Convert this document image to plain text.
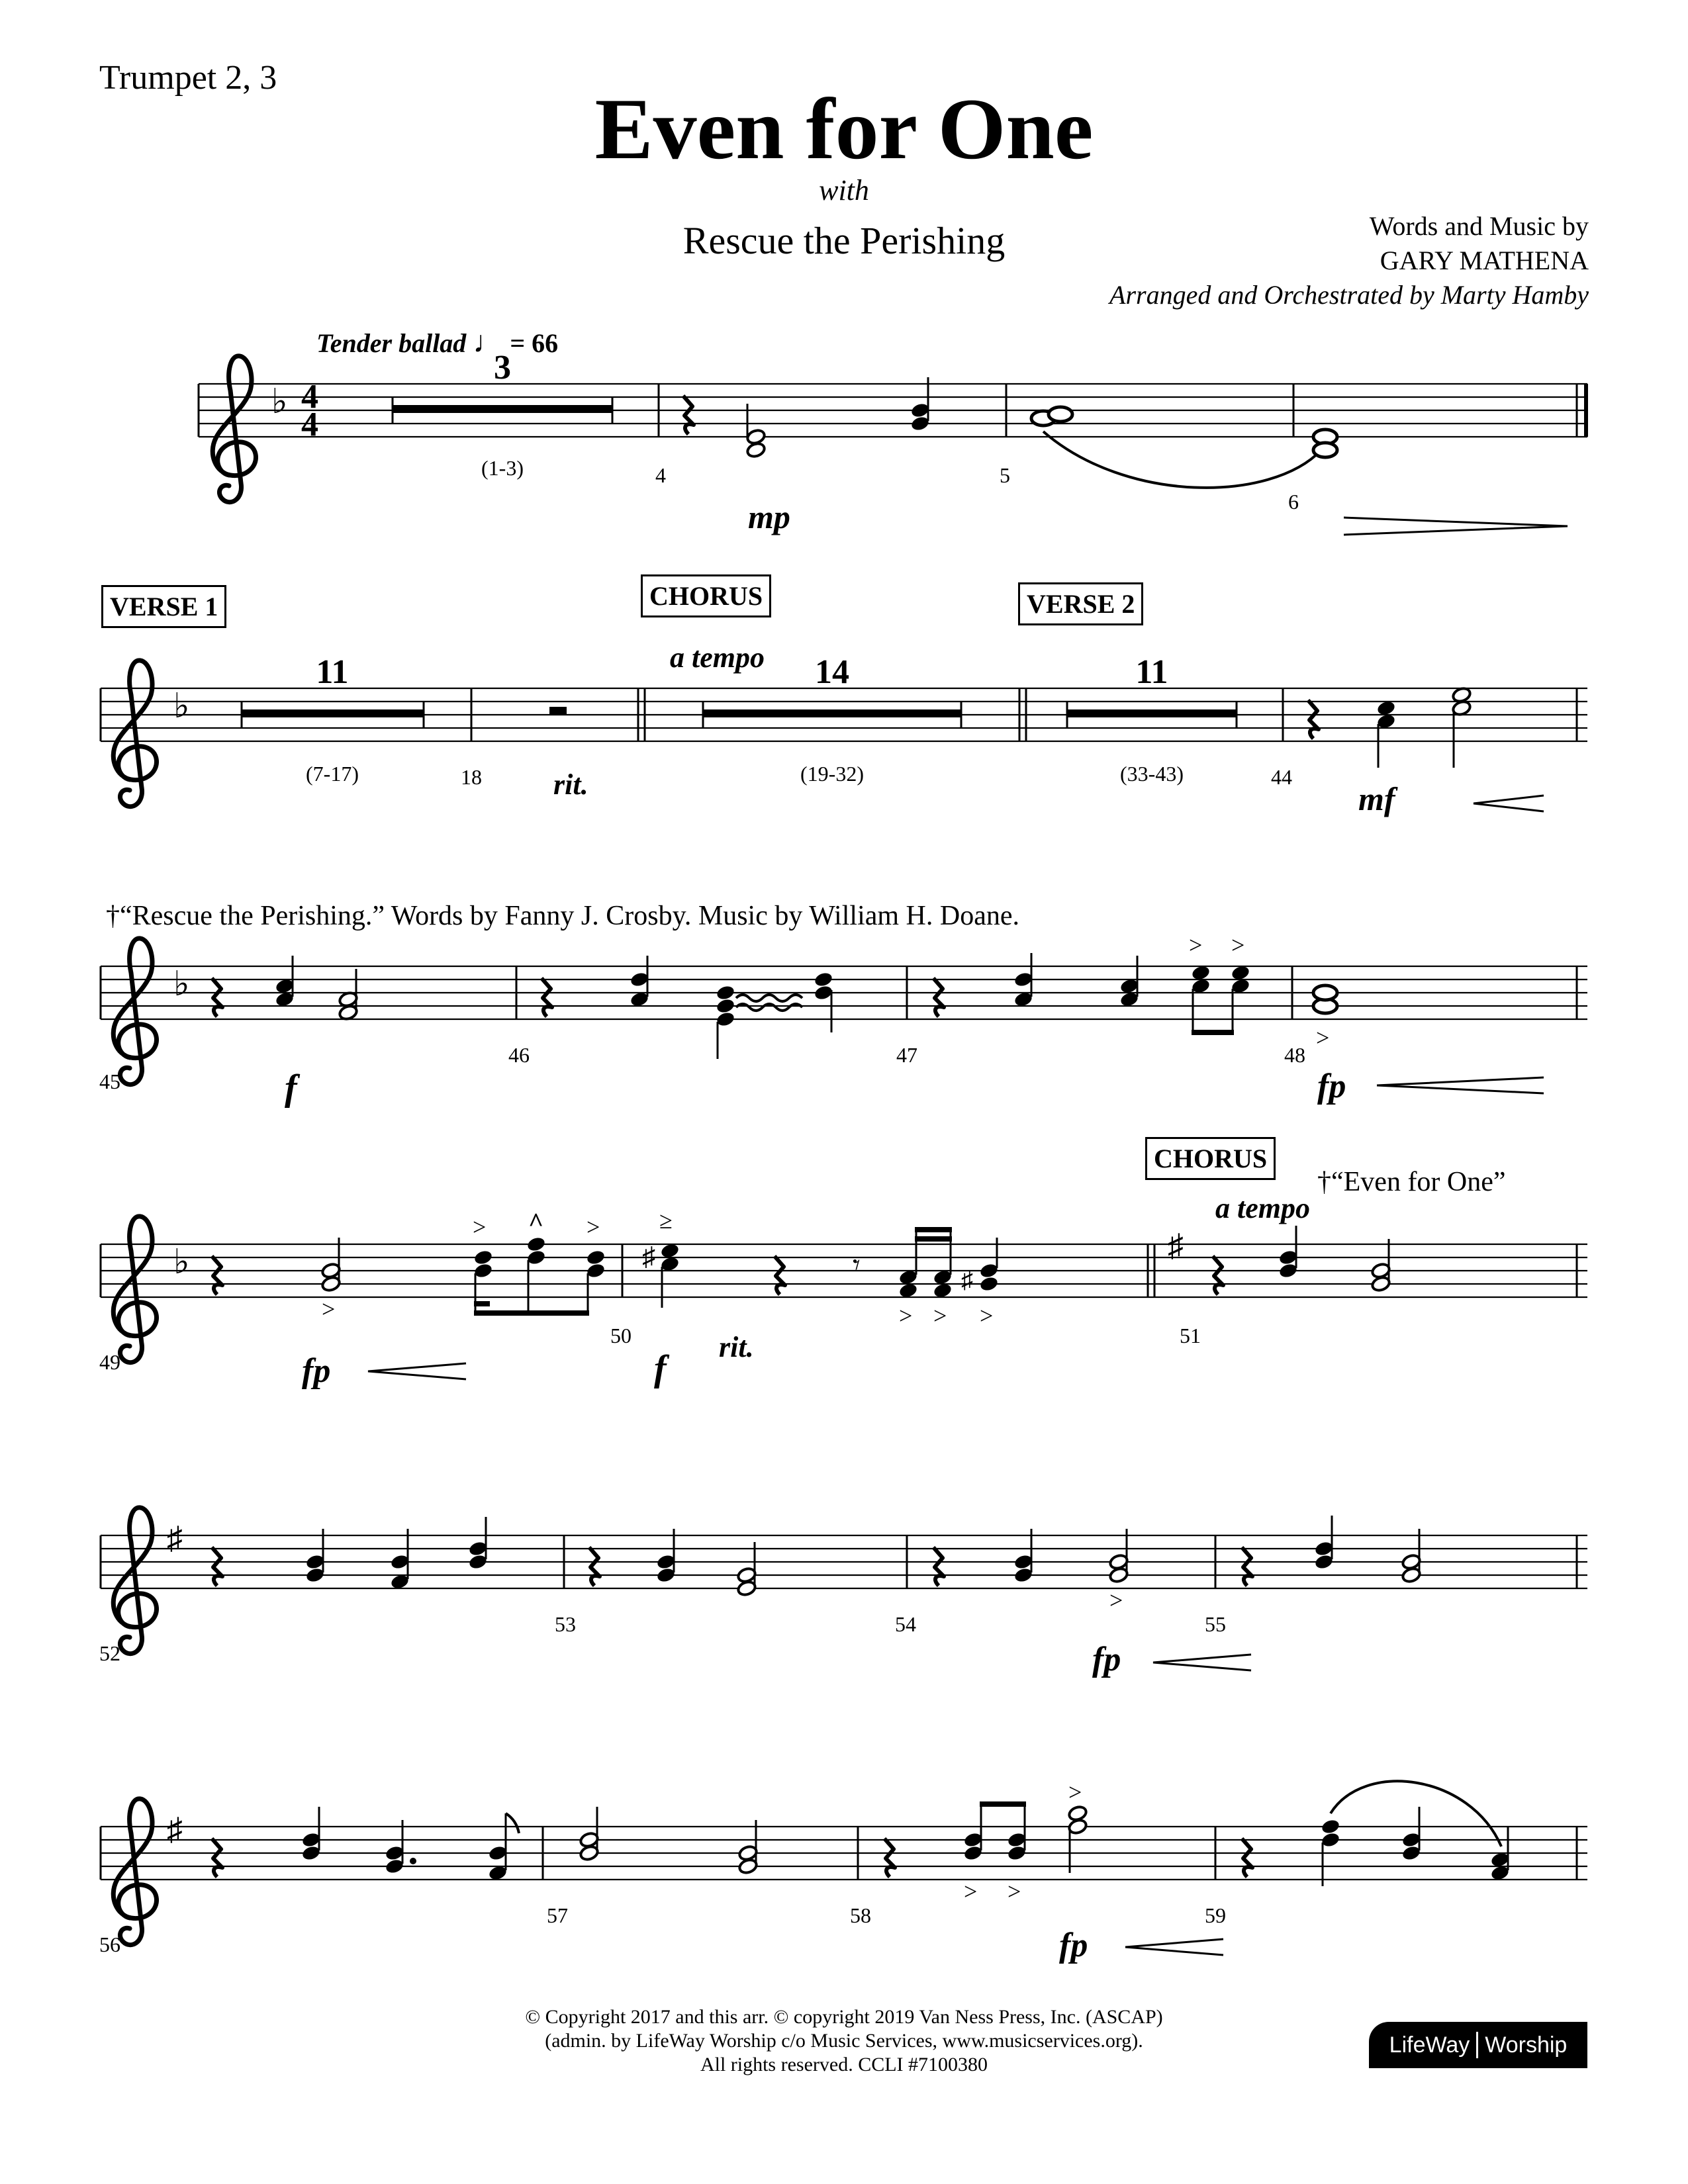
Trumpet 2, 3
Even for One
with
Rescue the Perishing	Words and Music by
GARY MATHENA
Arranged and Orchestrated by Marty Hamby
Tender ballad ♩ = 66
VERSE 1	CHORUS	VERSE 2
CHORUS
a tempo
a tempo
†“Rescue the Perishing.” Words by Fanny J. Crosby. Music by William H. Doane.
†“Even for One”
♭ 4
4
3
(1-3)
♭
11
(7-17)
14
(19-32)
11
(33-43)
♭
> >
>
♭
>
> ^ >
♯
≥
𝄾	♯
> > >
♯
♯
>
♯
> >
>
4	5
6
18	44
45
46	47	48
49
50	51
52
53	54	55
56
57	58	59
mp
rit.	mf
f	fp
fp	f
rit.
fp
fp
© Copyright 2017 and this arr. © copyright 2019 Van Ness Press, Inc. (ASCAP)
(admin. by LifeWay Worship c/o Music Services, www.musicservices.org).
All rights reserved. CCLI #7100380
LifeWay Worship
